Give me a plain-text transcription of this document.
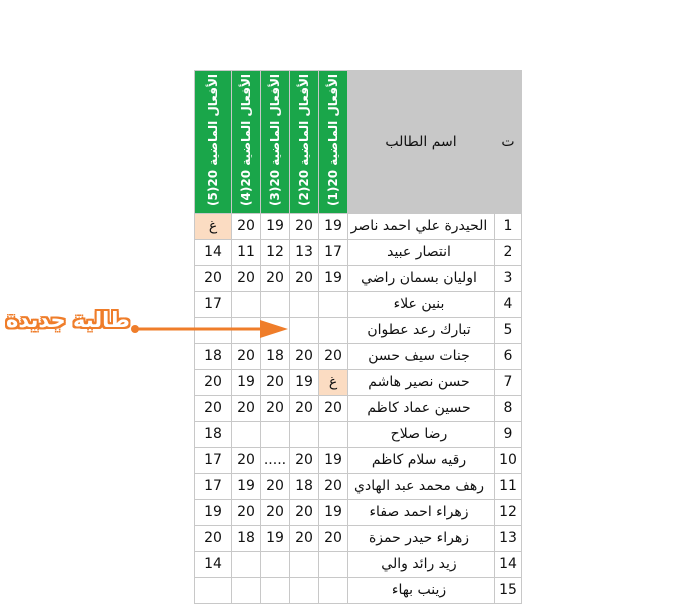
الأفعال الماضية 20(5)	الأفعال الماضية 20(4)	الأفعال الماضية 20(3)	الأفعال الماضية 20(2)	الأفعال الماضية 20(1)	اسم الطالب	ت
غ	20	19	20	19	الحيدرة علي احمد ناصر	1
14	11	12	13	17	انتصار عبيد	2
20	20	20	20	19	اوليان بسمان راضي	3
17					بنين علاء	4
					تبارك رعد عطوان	5
18	20	18	20	20	جنات سيف حسن	6
20	19	20	19	غ	حسن نصير هاشم	7
20	20	20	20	20	حسين عماد كاظم	8
18					رضا صلاح	9
17	20	.....	20	19	رقيه سلام كاظم	10
17	19	20	18	20	رهف محمد عبد الهادي	11
19	20	20	20	19	زهراء احمد صفاء	12
20	18	19	20	20	زهراء حيدر حمزة	13
14					زيد رائد والي	14
					زينب بهاء	15
طالبة جديدة
